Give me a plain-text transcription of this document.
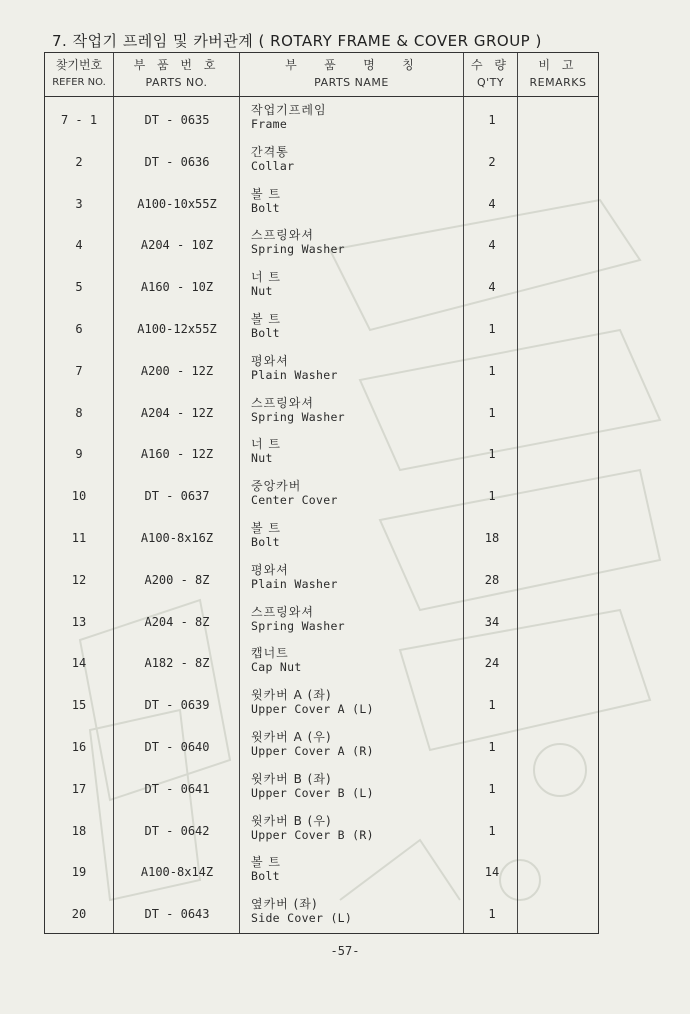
7. 작업기 프레임 및 카버관계 ( ROTARY FRAME & COVER GROUP )
찾기번호
REFER NO.
부 품 번 호
PARTS NO.
부   품   명   칭
PARTS NAME
수 량
Q'TY
비 고
REMARKS
7 - 1	DT - 0635
작업기프레임
Frame	1
2	DT - 0636
간격통
Collar	2
3	A100-10x55Z
볼 트
Bolt	4
4	A204 - 10Z
스프링와셔
Spring Washer	4
5	A160 - 10Z
너 트
Nut	4
6	A100-12x55Z
볼 트
Bolt	1
7	A200 - 12Z
평와셔
Plain Washer	1
8	A204 - 12Z
스프링와셔
Spring Washer	1
9	A160 - 12Z
너 트
Nut	1
10	DT - 0637
중앙카버
Center Cover	1
11	A100-8x16Z
볼 트
Bolt	18
12	A200 - 8Z
평와셔
Plain Washer	28
13	A204 - 8Z
스프링와셔
Spring Washer	34
14	A182 - 8Z
캡너트
Cap Nut	24
15	DT - 0639
윗카버 A (좌)
Upper Cover A (L)	1
16	DT - 0640
윗카버 A (우)
Upper Cover A (R)	1
17	DT - 0641
윗카버 B (좌)
Upper Cover B (L)	1
18	DT - 0642
윗카버 B (우)
Upper Cover B (R)	1
19	A100-8x14Z
볼 트
Bolt	14
20	DT - 0643
옆카버 (좌)
Side Cover (L)	1
-57-
